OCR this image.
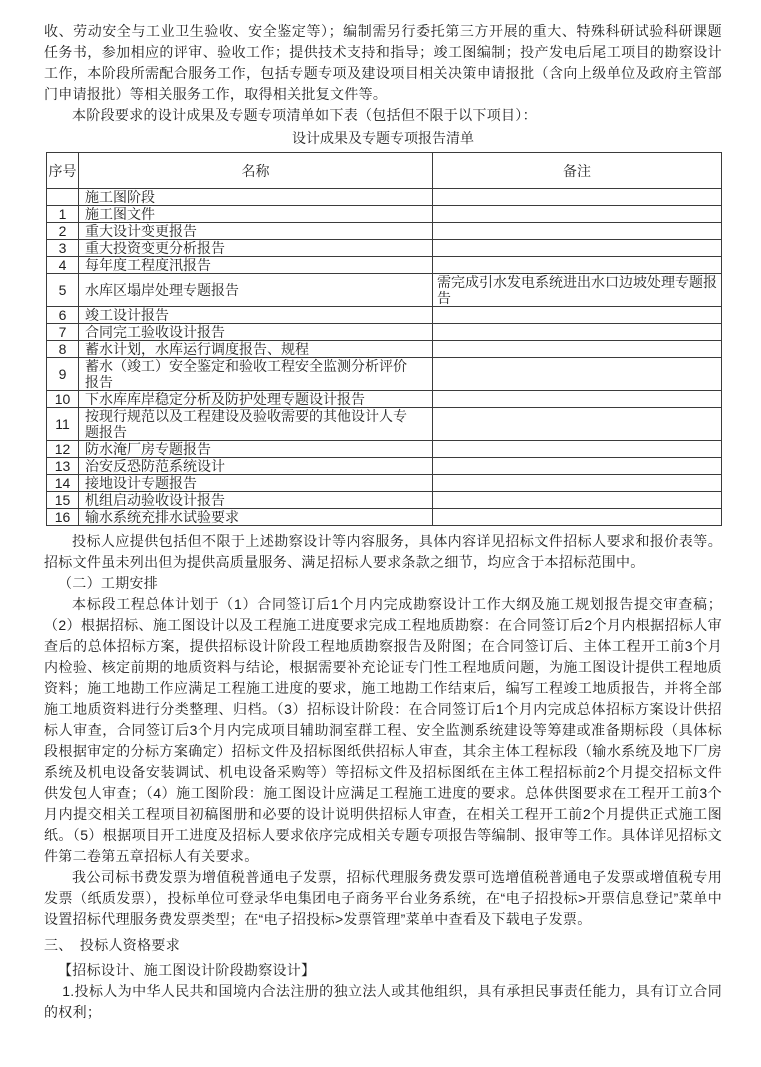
收、劳动安全与工业卫生验收、安全鉴定等）；编制需另行委托第三方开展的重大、特殊科研试验科研课题任务书，参加相应的评审、验收工作；提供技术支持和指导；竣工图编制；投产发电后尾工项目的勘察设计工作，本阶段所需配合服务工作，包括专题专项及建设项目相关决策申请报批（含向上级单位及政府主管部门申请报批）等相关服务工作，取得相关批复文件等。

本阶段要求的设计成果及专题专项清单如下表（包括但不限于以下项目）：

设计成果及专题专项报告清单
序号	名称	备注
	施工图阶段	
1	施工图文件	
2	重大设计变更报告	
3	重大投资变更分析报告	
4	每年度工程度汛报告	
5	水库区塌岸处理专题报告	需完成引水发电系统进出水口边坡处理专题报告
6	竣工设计报告	
7	合同完工验收设计报告	
8	蓄水计划，水库运行调度报告、规程	
9	蓄水（竣工）安全鉴定和验收工程安全监测分析评价报告	
10	下水库库岸稳定分析及防护处理专题设计报告	
11	按现行规范以及工程建设及验收需要的其他设计人专题报告	
12	防水淹厂房专题报告	
13	治安反恐防范系统设计	
14	接地设计专题报告	
15	机组启动验收设计报告	
16	输水系统充排水试验要求	

投标人应提供包括但不限于上述勘察设计等内容服务，具体内容详见招标文件招标人要求和报价表等。招标文件虽未列出但为提供高质量服务、满足招标人要求条款之细节，均应含于本招标范围中。

（二）工期安排

本标段工程总体计划于（1）合同签订后1个月内完成勘察设计工作大纲及施工规划报告提交审查稿；（2）根据招标、施工图设计以及工程施工进度要求完成工程地质勘察：在合同签订后2个月内根据招标人审查后的总体招标方案，提供招标设计阶段工程地质勘察报告及附图；在合同签订后、主体工程开工前3个月内检验、核定前期的地质资料与结论，根据需要补充论证专门性工程地质问题，为施工图设计提供工程地质资料；施工地勘工作应满足工程施工进度的要求，施工地勘工作结束后，编写工程竣工地质报告，并将全部施工地质资料进行分类整理、归档。（3）招标设计阶段：在合同签订后1个月内完成总体招标方案设计供招标人审查，合同签订后3个月内完成项目辅助洞室群工程、安全监测系统建设等筹建或准备期标段（具体标段根据审定的分标方案确定）招标文件及招标图纸供招标人审查，其余主体工程标段（输水系统及地下厂房系统及机电设备安装调试、机电设备采购等）等招标文件及招标图纸在主体工程招标前2个月提交招标文件供发包人审查；（4）施工图阶段：施工图设计应满足工程施工进度的要求。总体供图要求在工程开工前3个月内提交相关工程项目初稿图册和必要的设计说明供招标人审查，在相关工程开工前2个月提供正式施工图纸。（5）根据项目开工进度及招标人要求依序完成相关专题专项报告等编制、报审等工作。具体详见招标文件第二卷第五章招标人有关要求。

我公司标书费发票为增值税普通电子发票，招标代理服务费发票可选增值税普通电子发票或增值税专用发票（纸质发票），投标单位可登录华电集团电子商务平台业务系统，在“电子招投标>开票信息登记”菜单中设置招标代理服务费发票类型；在“电子招投标>发票管理”菜单中查看及下载电子发票。

三、　投标人资格要求

【招标设计、施工图设计阶段勘察设计】

1.投标人为中华人民共和国境内合法注册的独立法人或其他组织，具有承担民事责任能力，具有订立合同的权利；
